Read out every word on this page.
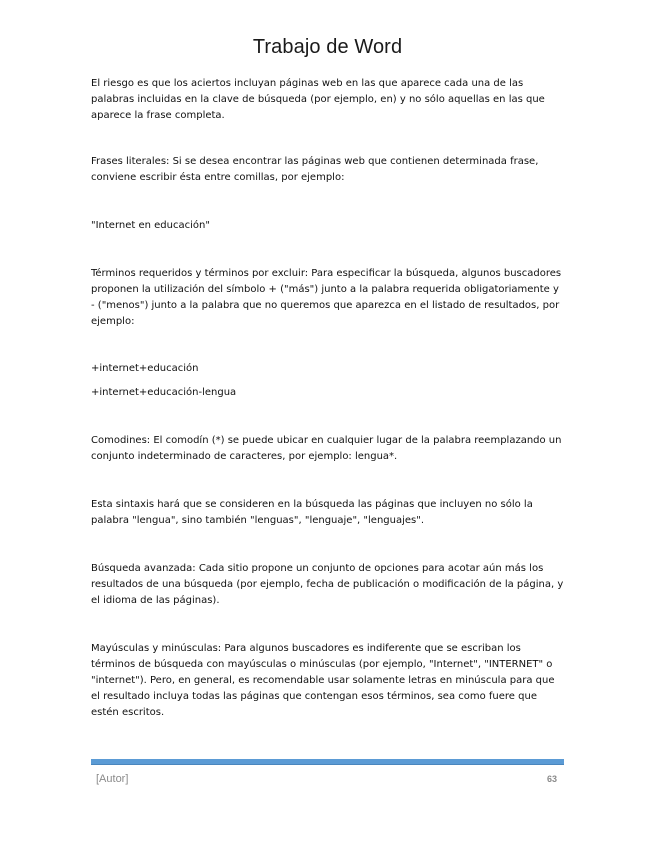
Trabajo de Word

El riesgo es que los aciertos incluyan páginas web en las que aparece cada una de las palabras incluidas en la clave de búsqueda (por ejemplo, en) y no sólo aquellas en las que aparece la frase completa.

Frases literales: Si se desea encontrar las páginas web que contienen determinada frase, conviene escribir ésta entre comillas, por ejemplo:

"Internet en educación"

Términos requeridos y términos por excluir: Para especificar la búsqueda, algunos buscadores proponen la utilización del símbolo + ("más") junto a la palabra requerida obligatoriamente y - ("menos") junto a la palabra que no queremos que aparezca en el listado de resultados, por ejemplo:

+internet+educación

+internet+educación-lengua

Comodines: El comodín (*) se puede ubicar en cualquier lugar de la palabra reemplazando un conjunto indeterminado de caracteres, por ejemplo: lengua*.

Esta sintaxis hará que se consideren en la búsqueda las páginas que incluyen no sólo la palabra "lengua", sino también "lenguas", "lenguaje", "lenguajes".

Búsqueda avanzada: Cada sitio propone un conjunto de opciones para acotar aún más los resultados de una búsqueda (por ejemplo, fecha de publicación o modificación de la página, y el idioma de las páginas).

Mayúsculas y minúsculas: Para algunos buscadores es indiferente que se escriban los términos de búsqueda con mayúsculas o minúsculas (por ejemplo, "Internet", "INTERNET" o "internet"). Pero, en general, es recomendable usar solamente letras en minúscula para que el resultado incluya todas las páginas que contengan esos términos, sea como fuere que estén escritos.

[Autor]	63
